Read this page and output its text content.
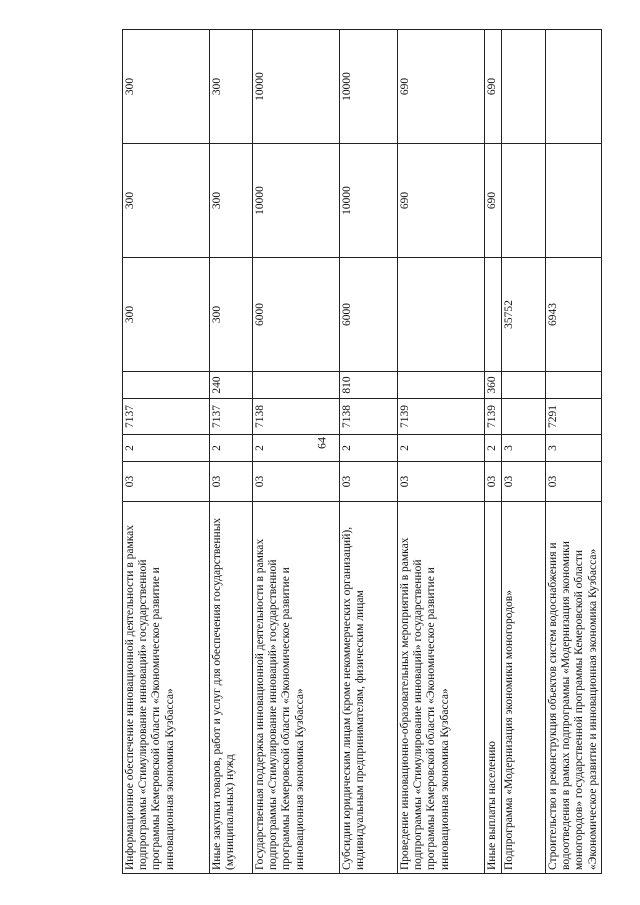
64
Информационное обеспечение инновационной деятельности в рамках подпрограммы «Стимулирование инноваций» государственной программы Кемеровской области «Экономическое развитие и инновационная экономика Кузбасса»	03	2	7137		300	300	300
Иные закупки товаров, работ и услуг для обеспечения государственных (муниципальных) нужд	03	2	7137	240	300	300	300
Государственная поддержка инновационной деятельности в рамках подпрограммы «Стимулирование инноваций» государственной программы Кемеровской области «Экономическое развитие и инновационная экономика Кузбасса»	03	2	7138		6000	10000	10000
Субсидии юридическим лицам (кроме некоммерческих организаций), индивидуальным предпринимателям, физическим лицам	03	2	7138	810	6000	10000	10000
Проведение инновационно-образовательных мероприятий в рамках подпрограммы «Стимулирование инноваций» государственной программы Кемеровской области «Экономическое развитие и инновационная экономика Кузбасса»	03	2	7139			690	690
Иные выплаты населению	03	2	7139	360		690	690
Подпрограмма «Модернизация экономики моногородов»	03	3			35752		
Строительство и реконструкция объектов систем водоснабжения и водоотведения в рамках подпрограммы «Модернизация экономики моногородов» государственной программы Кемеровской области «Экономическое развитие и инновационная экономика Кузбасса»	03	3	7291		6943		
